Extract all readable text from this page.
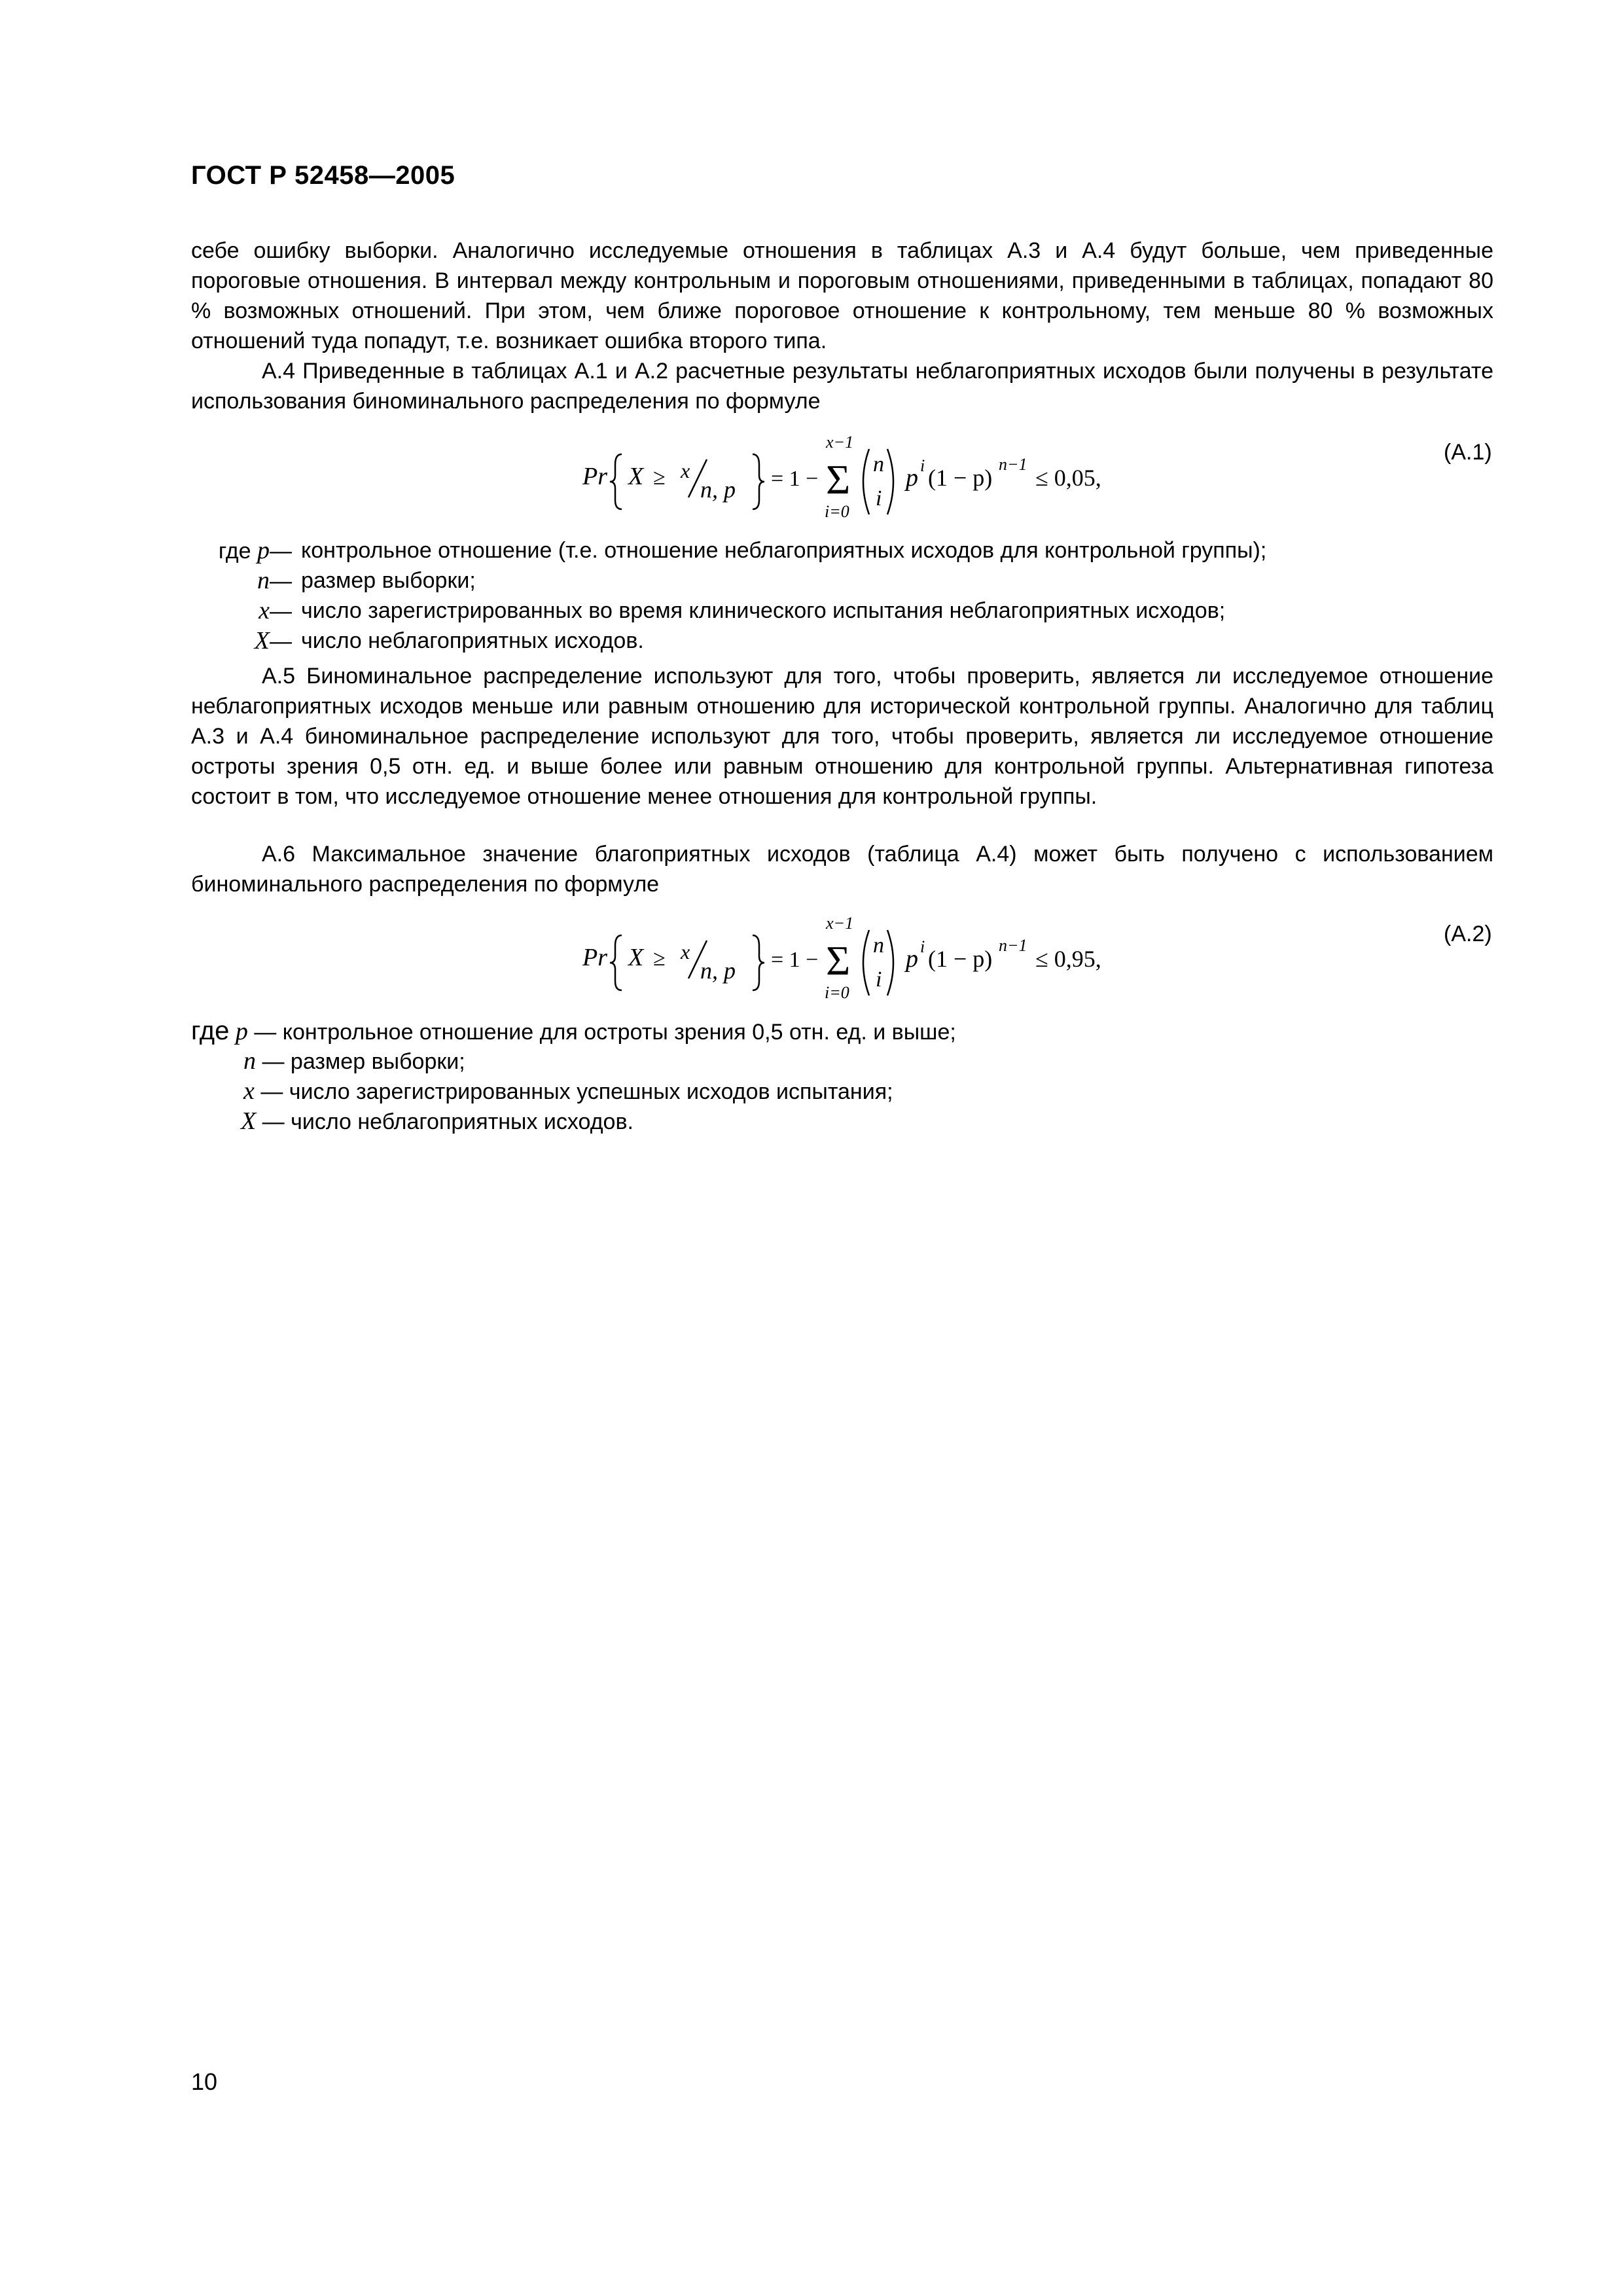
ГОСТ Р 52458—2005

себе ошибку выборки. Аналогично исследуемые отношения в таблицах А.3 и А.4 будут больше, чем приведенные пороговые отношения. В интервал между контрольным и пороговым отношениями, приведенными в таблицах, попадают 80 % возможных отношений. При этом, чем ближе пороговое отношение к контрольному, тем меньше 80 % возможных отношений туда попадут, т.е. возникает ошибка второго типа.

А.4 Приведенные в таблицах А.1 и А.2 расчетные результаты неблагоприятных исходов были получены в результате использования биноминального распределения по формуле

Pr X ≥ x
n, p = 1 −
x−1
Σ
i=0
n
i
p i (1 − p)
n−1
≤ 0,05,
(А.1)
где p— контрольное отношение (т.е. отношение неблагоприятных исходов для контрольной группы);
n— размер выборки;
x— число зарегистрированных во время клинического испытания неблагоприятных исходов;
X— число неблагоприятных исходов.

А.5 Биноминальное распределение используют для того, чтобы проверить, является ли исследуемое отношение неблагоприятных исходов меньше или равным отношению для исторической контрольной группы. Аналогично для таблиц А.3 и А.4 биноминальное распределение используют для того, чтобы проверить, является ли исследуемое отношение остроты зрения 0,5 отн. ед. и выше более или равным отношению для контрольной группы. Альтернативная гипотеза состоит в том, что исследуемое отношение менее отношения для контрольной группы.

А.6 Максимальное значение благоприятных исходов (таблица А.4) может быть получено с использованием биноминального распределения по формуле

Pr X ≥ x
n, p = 1 −
x−1
Σ
i=0
n
i
p i (1 − p)
n−1
≤ 0,95,
(А.2)
где p — контрольное отношение для остроты зрения 0,5 отн. ед. и выше;
n — размер выборки;
x — число зарегистрированных успешных исходов испытания;
X — число неблагоприятных исходов.
10
